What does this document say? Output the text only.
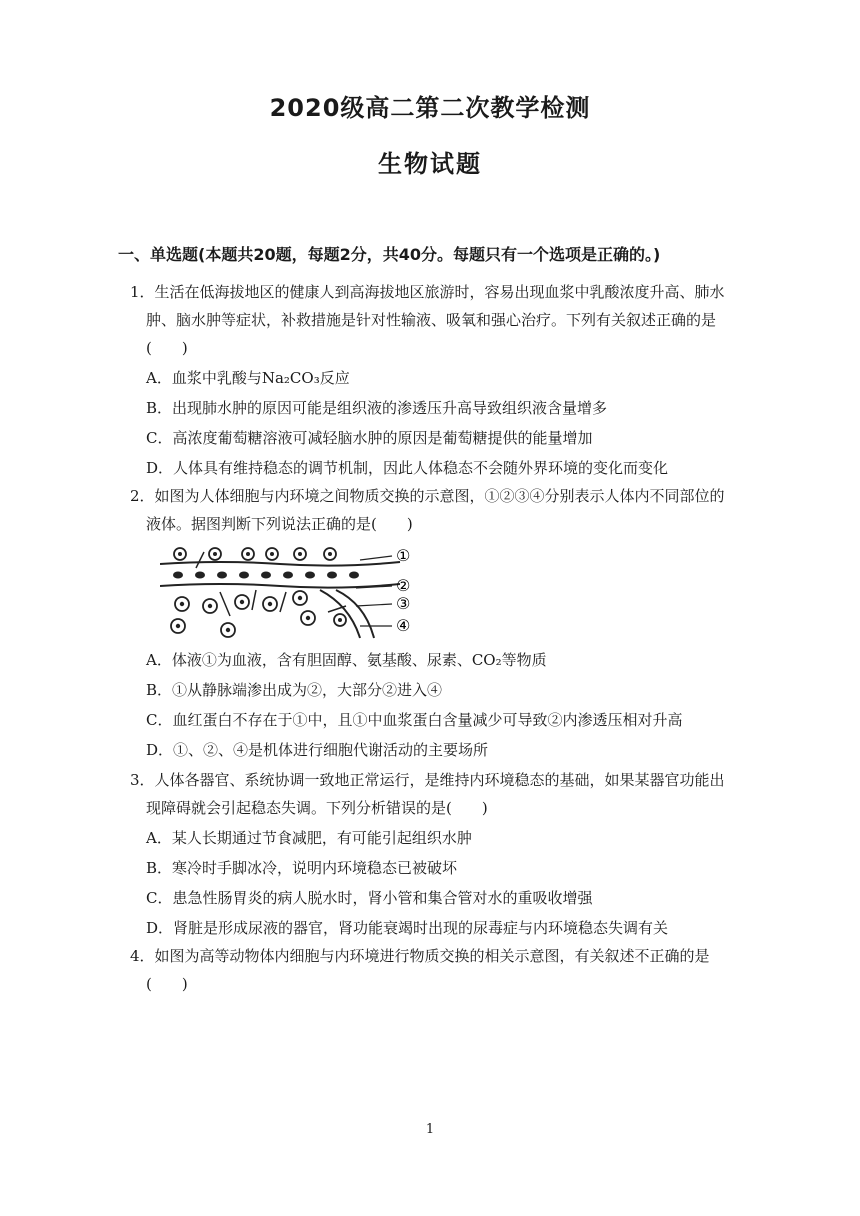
2020级高二第二次教学检测
生物试题
一、单选题(本题共20题，每题2分，共40分。每题只有一个选项是正确的。)
1．生活在低海拔地区的健康人到高海拔地区旅游时，容易出现血浆中乳酸浓度升高、肺水
肿、脑水肿等症状，补救措施是针对性输液、吸氧和强心治疗。下列有关叙述正确的是
(　　)
A．血浆中乳酸与Na₂CO₃反应
B．出现肺水肿的原因可能是组织液的渗透压升高导致组织液含量增多
C．高浓度葡萄糖溶液可减轻脑水肿的原因是葡萄糖提供的能量增加
D．人体具有维持稳态的调节机制，因此人体稳态不会随外界环境的变化而变化
2．如图为人体细胞与内环境之间物质交换的示意图，①②③④分别表示人体内不同部位的
液体。据图判断下列说法正确的是(　　)
①
②
③
④
A．体液①为血液，含有胆固醇、氨基酸、尿素、CO₂等物质
B．①从静脉端渗出成为②，大部分②进入④
C．血红蛋白不存在于①中，且①中血浆蛋白含量减少可导致②内渗透压相对升高
D．①、②、④是机体进行细胞代谢活动的主要场所
3．人体各器官、系统协调一致地正常运行，是维持内环境稳态的基础，如果某器官功能出
现障碍就会引起稳态失调。下列分析错误的是(　　)
A．某人长期通过节食减肥，有可能引起组织水肿
B．寒冷时手脚冰冷，说明内环境稳态已被破坏
C．患急性肠胃炎的病人脱水时，肾小管和集合管对水的重吸收增强
D．肾脏是形成尿液的器官，肾功能衰竭时出现的尿毒症与内环境稳态失调有关
4．如图为高等动物体内细胞与内环境进行物质交换的相关示意图，有关叙述不正确的是
(　　)
1
